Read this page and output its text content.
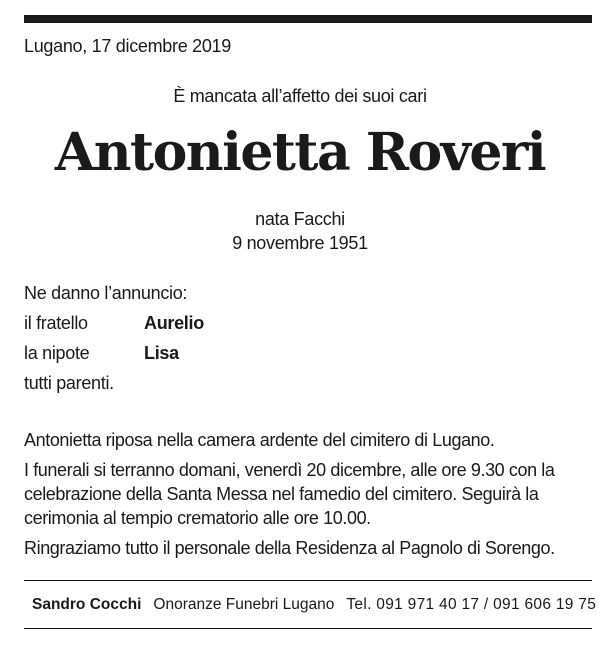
Lugano, 17 dicembre 2019
È mancata all’affetto dei suoi cari
Antonietta Roveri
nata Facchi
9 novembre 1951
Ne danno l’annuncio:
il fratello	Aurelio
la nipote	Lisa
tutti parenti.

Antonietta riposa nella camera ardente del cimitero di Lugano.

I funerali si terranno domani, venerdì 20 dicembre, alle ore 9.30 con la celebrazione della Santa Messa nel famedio del cimitero. Seguirà la cerimonia al tempio crematorio alle ore 10.00.

Ringraziamo tutto il personale della Residenza al Pagnolo di Sorengo.

Sandro Cocchi Onoranze Funebri Lugano Tel. 091 971 40 17 / 091 606 19 75
